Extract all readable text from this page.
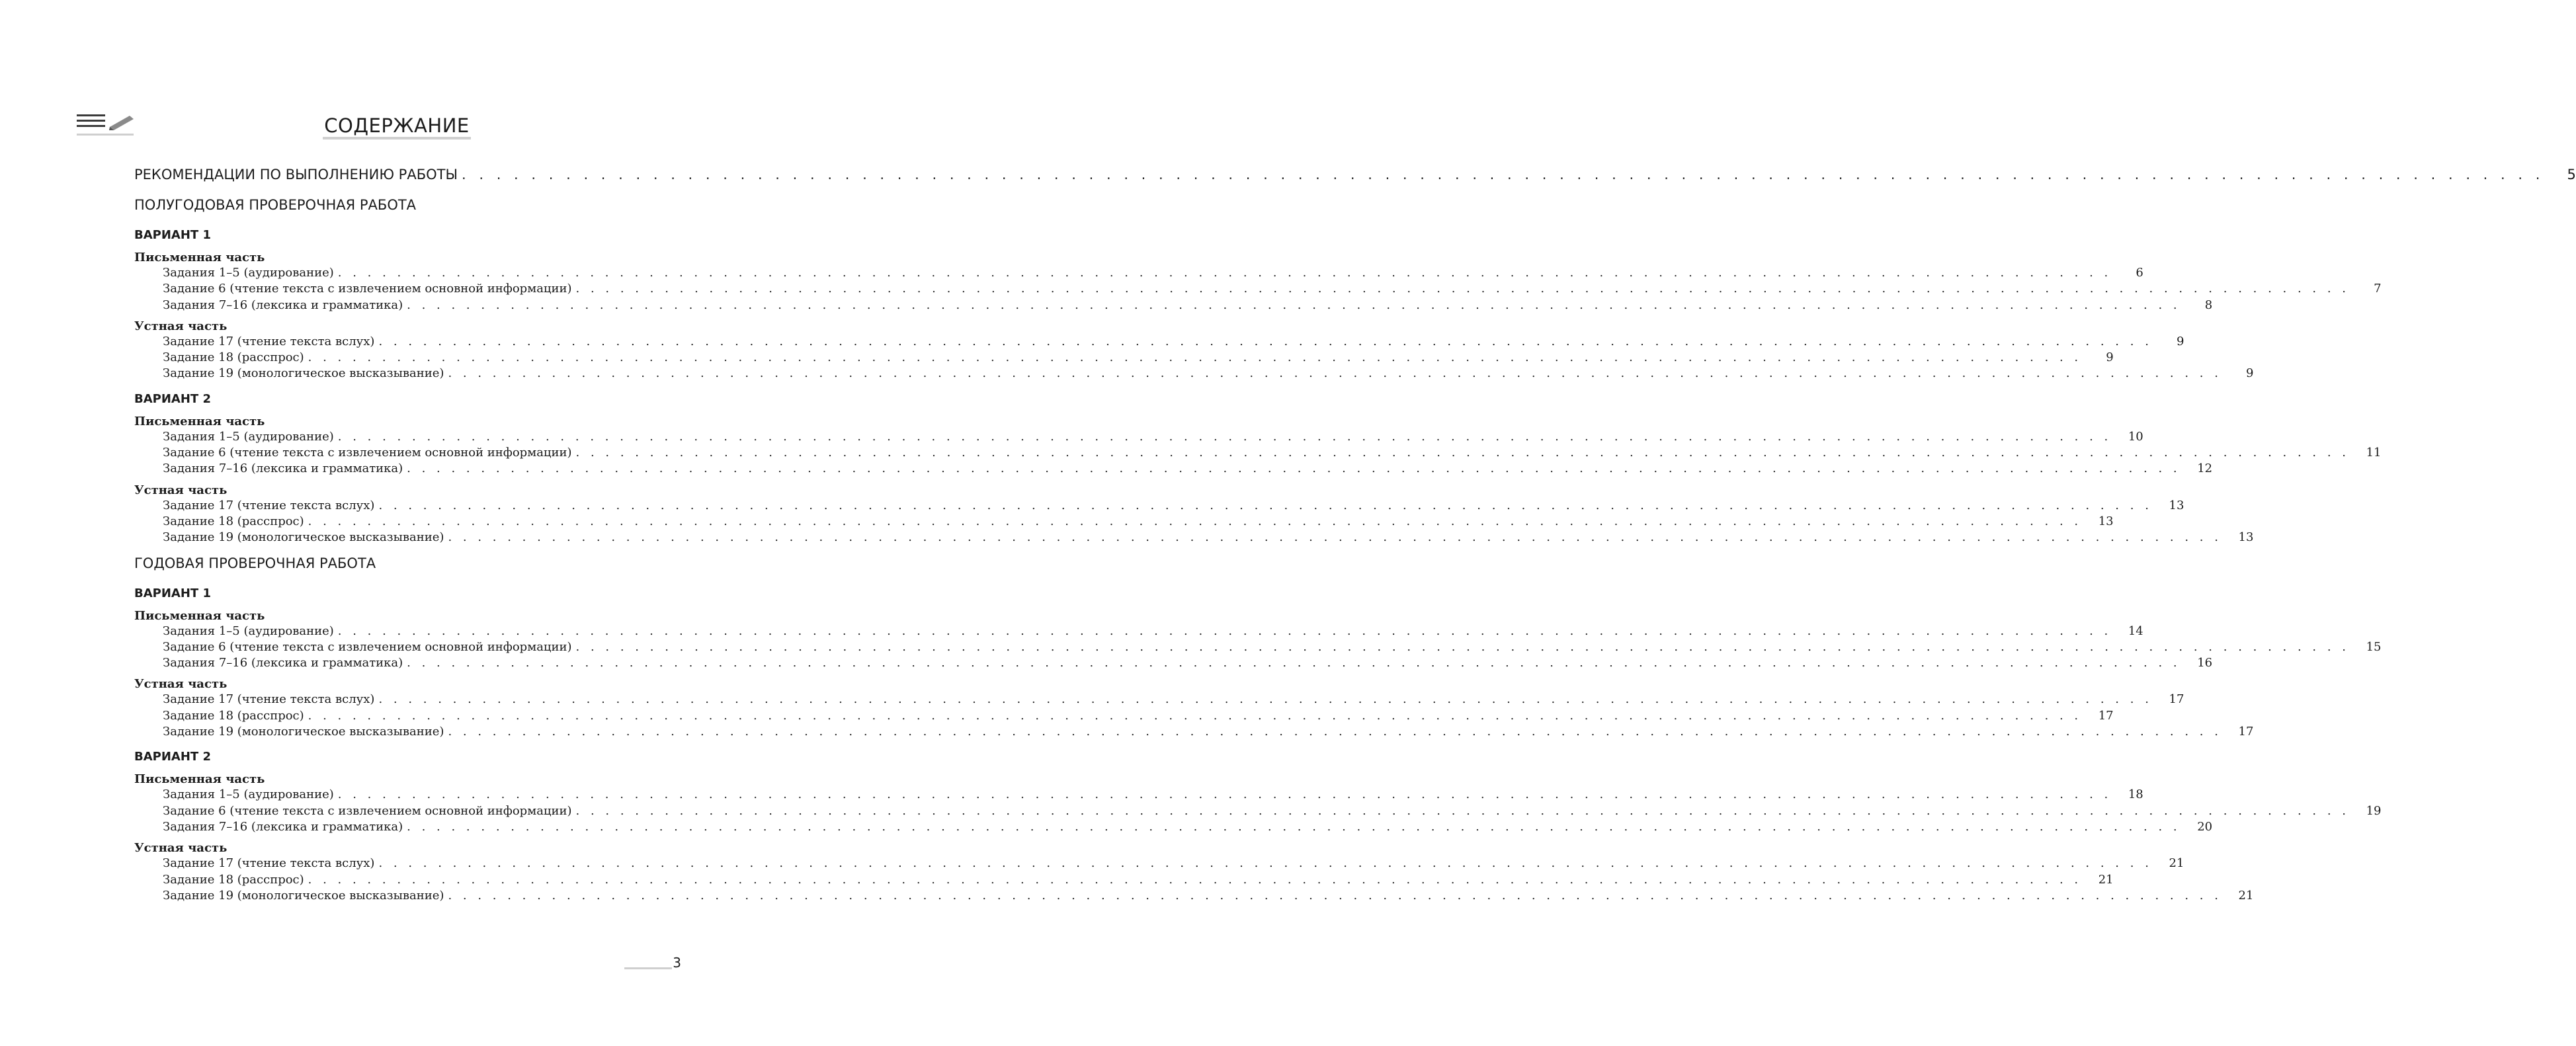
СОДЕРЖАНИЕ
РЕКОМЕНДАЦИИ ПО ВЫПОЛНЕНИЮ РАБОТЫ . . . . . . . . . . . . . . . . . . . . . . . . . . . . . . . . . . . . . . . . . . . . . . . . . . . . . . . . . . . . . . . . . . . . . . . . . . . . . . . . . . . . . . . . . . . . . . . . . . . . . . . . . . . . . . . . . . . . . . . .	5
ПОЛУГОДОВАЯ ПРОВЕРОЧНАЯ РАБОТА
ВАРИАНТ 1
Письменная часть
Задания 1–5 (аудирование) . . . . . . . . . . . . . . . . . . . . . . . . . . . . . . . . . . . . . . . . . . . . . . . . . . . . . . . . . . . . . . . . . . . . . . . . . . . . . . . . . . . . . . . . . . . . . . . . . . . . . . . . . . . . . . . . . . . . . . . .	6
Задание 6 (чтение текста с извлечением основной информации) . . . . . . . . . . . . . . . . . . . . . . . . . . . . . . . . . . . . . . . . . . . . . . . . . . . . . . . . . . . . . . . . . . . . . . . . . . . . . . . . . . . . . . . . . . . . . . . . . . . . . . . . . . . . . . . . . . . . . . . .	7
Задания 7–16 (лексика и грамматика) . . . . . . . . . . . . . . . . . . . . . . . . . . . . . . . . . . . . . . . . . . . . . . . . . . . . . . . . . . . . . . . . . . . . . . . . . . . . . . . . . . . . . . . . . . . . . . . . . . . . . . . . . . . . . . . . . . . . . . . .	8
Устная часть
Задание 17 (чтение текста вслух) . . . . . . . . . . . . . . . . . . . . . . . . . . . . . . . . . . . . . . . . . . . . . . . . . . . . . . . . . . . . . . . . . . . . . . . . . . . . . . . . . . . . . . . . . . . . . . . . . . . . . . . . . . . . . . . . . . . . . . . .	9
Задание 18 (расспрос) . . . . . . . . . . . . . . . . . . . . . . . . . . . . . . . . . . . . . . . . . . . . . . . . . . . . . . . . . . . . . . . . . . . . . . . . . . . . . . . . . . . . . . . . . . . . . . . . . . . . . . . . . . . . . . . . . . . . . . . .	9
Задание 19 (монологическое высказывание) . . . . . . . . . . . . . . . . . . . . . . . . . . . . . . . . . . . . . . . . . . . . . . . . . . . . . . . . . . . . . . . . . . . . . . . . . . . . . . . . . . . . . . . . . . . . . . . . . . . . . . . . . . . . . . . . . . . . . . . .	9
ВАРИАНТ 2
Письменная часть
Задания 1–5 (аудирование) . . . . . . . . . . . . . . . . . . . . . . . . . . . . . . . . . . . . . . . . . . . . . . . . . . . . . . . . . . . . . . . . . . . . . . . . . . . . . . . . . . . . . . . . . . . . . . . . . . . . . . . . . . . . . . . . . . . . . . . .	10
Задание 6 (чтение текста с извлечением основной информации) . . . . . . . . . . . . . . . . . . . . . . . . . . . . . . . . . . . . . . . . . . . . . . . . . . . . . . . . . . . . . . . . . . . . . . . . . . . . . . . . . . . . . . . . . . . . . . . . . . . . . . . . . . . . . . . . . . . . . . . .	11
Задания 7–16 (лексика и грамматика) . . . . . . . . . . . . . . . . . . . . . . . . . . . . . . . . . . . . . . . . . . . . . . . . . . . . . . . . . . . . . . . . . . . . . . . . . . . . . . . . . . . . . . . . . . . . . . . . . . . . . . . . . . . . . . . . . . . . . . . .	12
Устная часть
Задание 17 (чтение текста вслух) . . . . . . . . . . . . . . . . . . . . . . . . . . . . . . . . . . . . . . . . . . . . . . . . . . . . . . . . . . . . . . . . . . . . . . . . . . . . . . . . . . . . . . . . . . . . . . . . . . . . . . . . . . . . . . . . . . . . . . . .	13
Задание 18 (расспрос) . . . . . . . . . . . . . . . . . . . . . . . . . . . . . . . . . . . . . . . . . . . . . . . . . . . . . . . . . . . . . . . . . . . . . . . . . . . . . . . . . . . . . . . . . . . . . . . . . . . . . . . . . . . . . . . . . . . . . . . .	13
Задание 19 (монологическое высказывание) . . . . . . . . . . . . . . . . . . . . . . . . . . . . . . . . . . . . . . . . . . . . . . . . . . . . . . . . . . . . . . . . . . . . . . . . . . . . . . . . . . . . . . . . . . . . . . . . . . . . . . . . . . . . . . . . . . . . . . . .	13
ГОДОВАЯ ПРОВЕРОЧНАЯ РАБОТА
ВАРИАНТ 1
Письменная часть
Задания 1–5 (аудирование) . . . . . . . . . . . . . . . . . . . . . . . . . . . . . . . . . . . . . . . . . . . . . . . . . . . . . . . . . . . . . . . . . . . . . . . . . . . . . . . . . . . . . . . . . . . . . . . . . . . . . . . . . . . . . . . . . . . . . . . .	14
Задание 6 (чтение текста с извлечением основной информации) . . . . . . . . . . . . . . . . . . . . . . . . . . . . . . . . . . . . . . . . . . . . . . . . . . . . . . . . . . . . . . . . . . . . . . . . . . . . . . . . . . . . . . . . . . . . . . . . . . . . . . . . . . . . . . . . . . . . . . . .	15
Задания 7–16 (лексика и грамматика) . . . . . . . . . . . . . . . . . . . . . . . . . . . . . . . . . . . . . . . . . . . . . . . . . . . . . . . . . . . . . . . . . . . . . . . . . . . . . . . . . . . . . . . . . . . . . . . . . . . . . . . . . . . . . . . . . . . . . . . .	16
Устная часть
Задание 17 (чтение текста вслух) . . . . . . . . . . . . . . . . . . . . . . . . . . . . . . . . . . . . . . . . . . . . . . . . . . . . . . . . . . . . . . . . . . . . . . . . . . . . . . . . . . . . . . . . . . . . . . . . . . . . . . . . . . . . . . . . . . . . . . . .	17
Задание 18 (расспрос) . . . . . . . . . . . . . . . . . . . . . . . . . . . . . . . . . . . . . . . . . . . . . . . . . . . . . . . . . . . . . . . . . . . . . . . . . . . . . . . . . . . . . . . . . . . . . . . . . . . . . . . . . . . . . . . . . . . . . . . .	17
Задание 19 (монологическое высказывание) . . . . . . . . . . . . . . . . . . . . . . . . . . . . . . . . . . . . . . . . . . . . . . . . . . . . . . . . . . . . . . . . . . . . . . . . . . . . . . . . . . . . . . . . . . . . . . . . . . . . . . . . . . . . . . . . . . . . . . . .	17
ВАРИАНТ 2
Письменная часть
Задания 1–5 (аудирование) . . . . . . . . . . . . . . . . . . . . . . . . . . . . . . . . . . . . . . . . . . . . . . . . . . . . . . . . . . . . . . . . . . . . . . . . . . . . . . . . . . . . . . . . . . . . . . . . . . . . . . . . . . . . . . . . . . . . . . . .	18
Задание 6 (чтение текста с извлечением основной информации) . . . . . . . . . . . . . . . . . . . . . . . . . . . . . . . . . . . . . . . . . . . . . . . . . . . . . . . . . . . . . . . . . . . . . . . . . . . . . . . . . . . . . . . . . . . . . . . . . . . . . . . . . . . . . . . . . . . . . . . .	19
Задания 7–16 (лексика и грамматика) . . . . . . . . . . . . . . . . . . . . . . . . . . . . . . . . . . . . . . . . . . . . . . . . . . . . . . . . . . . . . . . . . . . . . . . . . . . . . . . . . . . . . . . . . . . . . . . . . . . . . . . . . . . . . . . . . . . . . . . .	20
Устная часть
Задание 17 (чтение текста вслух) . . . . . . . . . . . . . . . . . . . . . . . . . . . . . . . . . . . . . . . . . . . . . . . . . . . . . . . . . . . . . . . . . . . . . . . . . . . . . . . . . . . . . . . . . . . . . . . . . . . . . . . . . . . . . . . . . . . . . . . .	21
Задание 18 (расспрос) . . . . . . . . . . . . . . . . . . . . . . . . . . . . . . . . . . . . . . . . . . . . . . . . . . . . . . . . . . . . . . . . . . . . . . . . . . . . . . . . . . . . . . . . . . . . . . . . . . . . . . . . . . . . . . . . . . . . . . . .	21
Задание 19 (монологическое высказывание) . . . . . . . . . . . . . . . . . . . . . . . . . . . . . . . . . . . . . . . . . . . . . . . . . . . . . . . . . . . . . . . . . . . . . . . . . . . . . . . . . . . . . . . . . . . . . . . . . . . . . . . . . . . . . . . . . . . . . . . .	21
3
